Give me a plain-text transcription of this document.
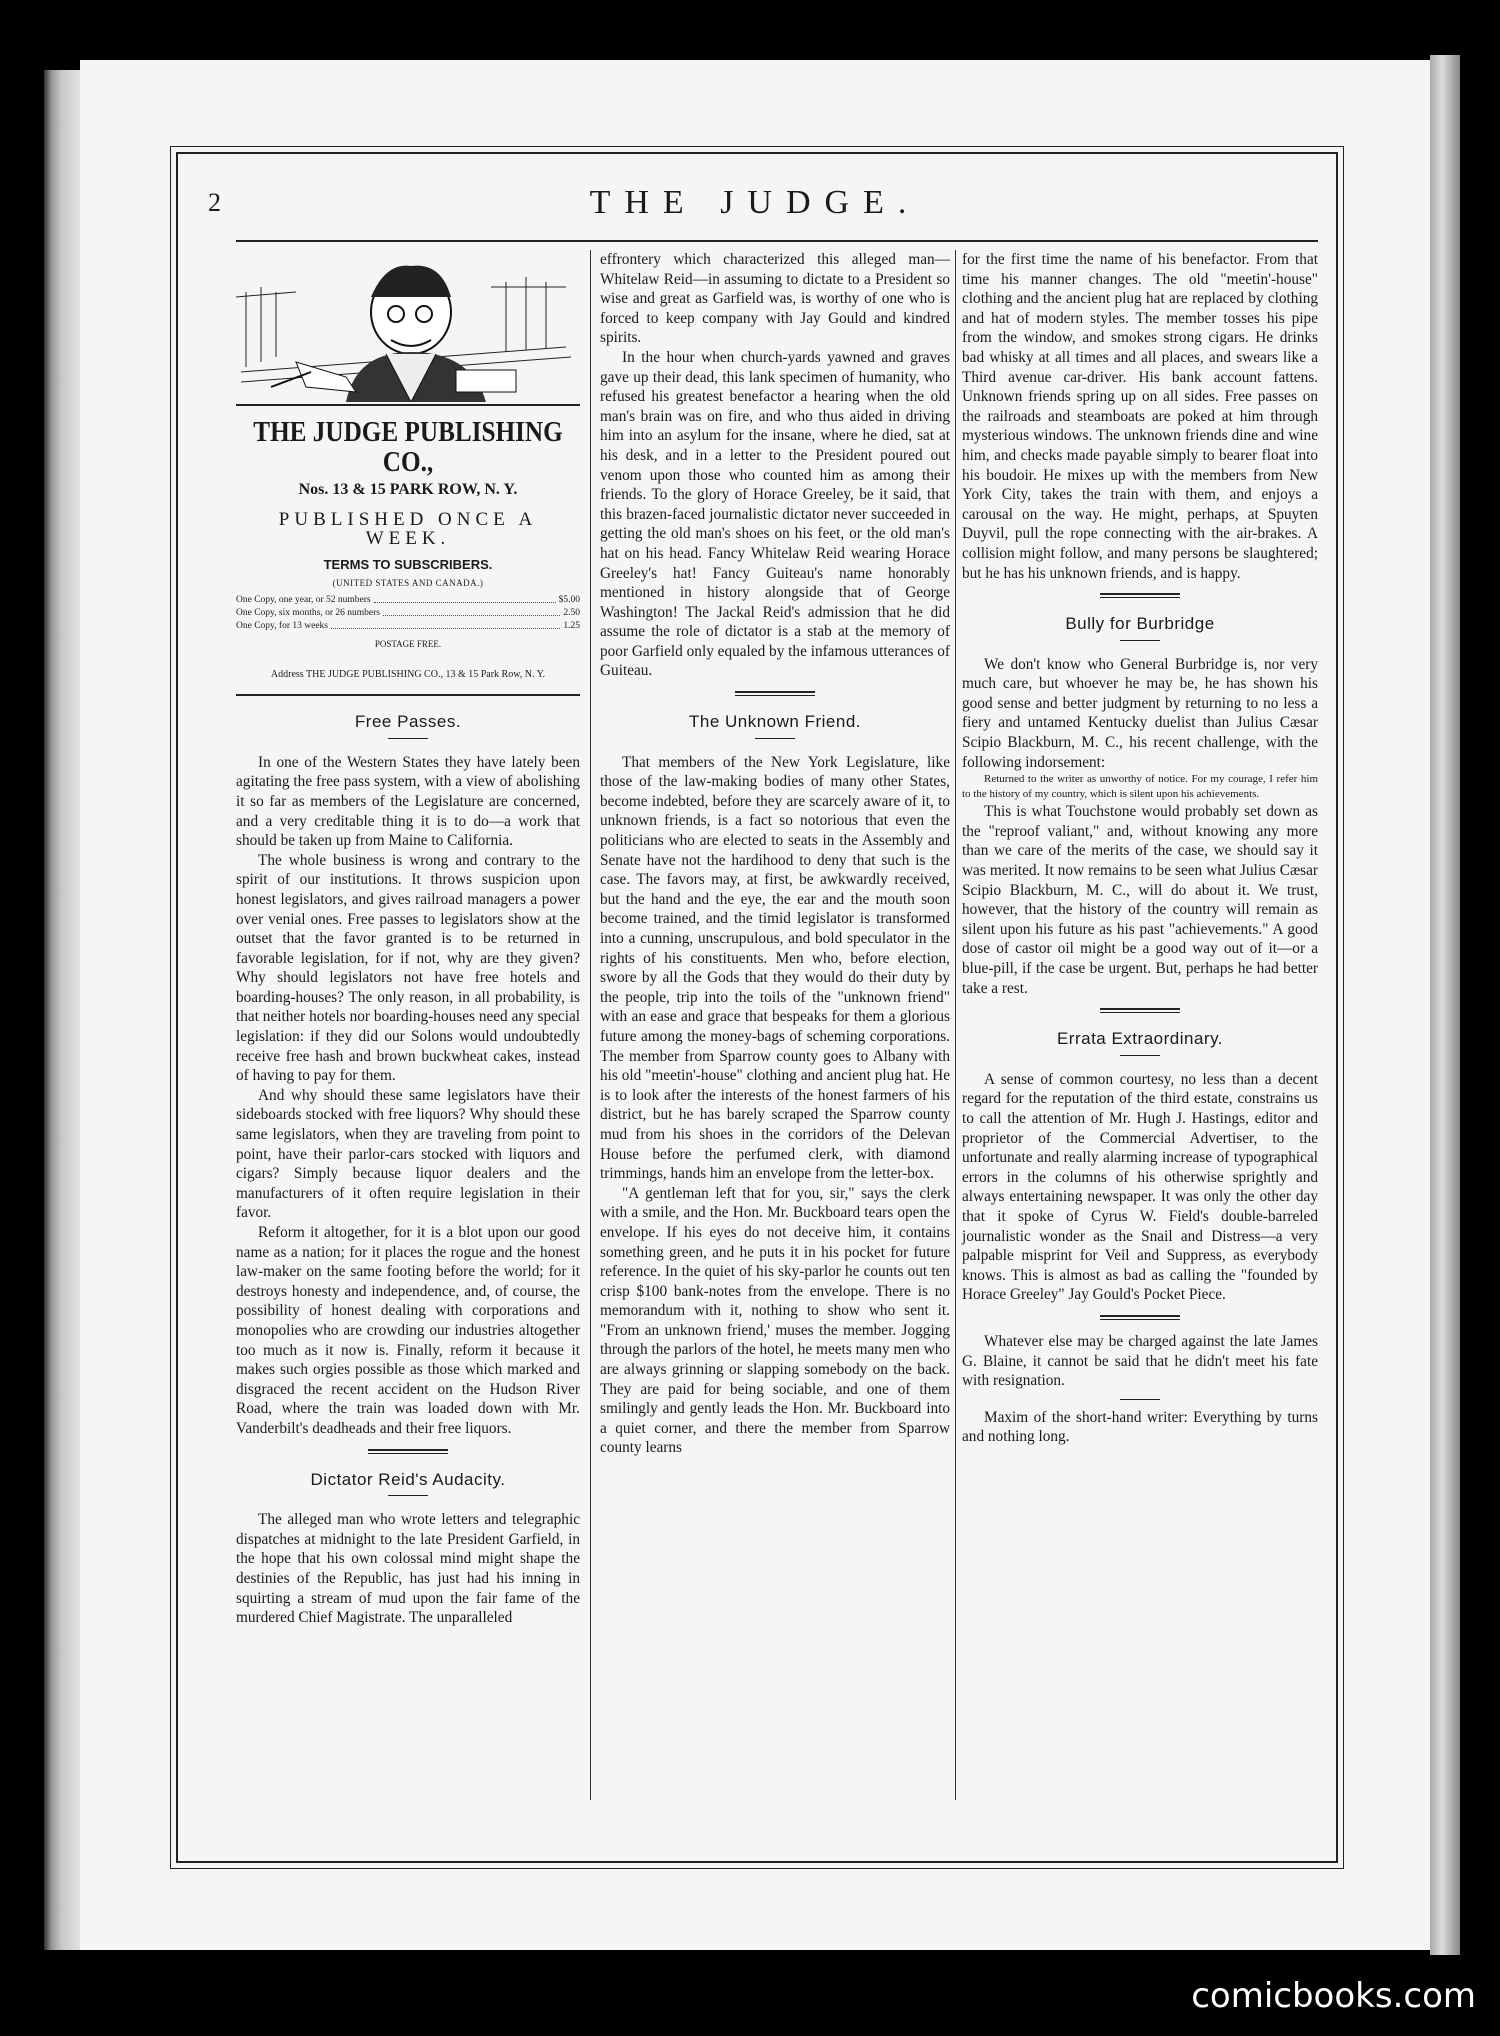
2	THE JUDGE.
THE JUDGE PUBLISHING CO.,
Nos. 13 & 15 PARK ROW, N. Y.
PUBLISHED ONCE A WEEK.
TERMS TO SUBSCRIBERS.
(UNITED STATES AND CANADA.)
One Copy, one year, or 52 numbers	$5.00
One Copy, six months, or 26 numbers	2.50
One Copy, for 13 weeks	1.25
POSTAGE FREE.
Address THE JUDGE PUBLISHING CO., 13 & 15 Park Row, N. Y.
Free Passes.

In one of the Western States they have lately been agitating the free pass system, with a view of abolishing it so far as members of the Legislature are concerned, and a very creditable thing it is to do—a work that should be taken up from Maine to California.

The whole business is wrong and contrary to the spirit of our institutions. It throws suspicion upon honest legislators, and gives railroad managers a power over venial ones. Free passes to legislators show at the outset that the favor granted is to be returned in favorable legislation, for if not, why are they given? Why should legislators not have free hotels and boarding-houses? The only reason, in all probability, is that neither hotels nor boarding-houses need any special legislation: if they did our Solons would undoubtedly receive free hash and brown buckwheat cakes, instead of having to pay for them.

And why should these same legislators have their sideboards stocked with free liquors? Why should these same legislators, when they are traveling from point to point, have their parlor-cars stocked with liquors and cigars? Simply because liquor dealers and the manufacturers of it often require legislation in their favor.

Reform it altogether, for it is a blot upon our good name as a nation; for it places the rogue and the honest law-maker on the same footing before the world; for it destroys honesty and independence, and, of course, the possibility of honest dealing with corporations and monopolies who are crowding our industries altogether too much as it now is. Finally, reform it because it makes such orgies possible as those which marked and disgraced the recent accident on the Hudson River Road, where the train was loaded down with Mr. Vanderbilt's deadheads and their free liquors.

Dictator Reid's Audacity.

The alleged man who wrote letters and telegraphic dispatches at midnight to the late President Garfield, in the hope that his own colossal mind might shape the destinies of the Republic, has just had his inning in squirting a stream of mud upon the fair fame of the murdered Chief Magistrate. The unparalleled

effrontery which characterized this alleged man—Whitelaw Reid—in assuming to dictate to a President so wise and great as Garfield was, is worthy of one who is forced to keep company with Jay Gould and kindred spirits.

In the hour when church-yards yawned and graves gave up their dead, this lank specimen of humanity, who refused his greatest benefactor a hearing when the old man's brain was on fire, and who thus aided in driving him into an asylum for the insane, where he died, sat at his desk, and in a letter to the President poured out venom upon those who counted him as among their friends. To the glory of Horace Greeley, be it said, that this brazen-faced journalistic dictator never succeeded in getting the old man's shoes on his feet, or the old man's hat on his head. Fancy Whitelaw Reid wearing Horace Greeley's hat! Fancy Guiteau's name honorably mentioned in history alongside that of George Washington! The Jackal Reid's admission that he did assume the role of dictator is a stab at the memory of poor Garfield only equaled by the infamous utterances of Guiteau.

The Unknown Friend.

That members of the New York Legislature, like those of the law-making bodies of many other States, become indebted, before they are scarcely aware of it, to unknown friends, is a fact so notorious that even the politicians who are elected to seats in the Assembly and Senate have not the hardihood to deny that such is the case. The favors may, at first, be awkwardly received, but the hand and the eye, the ear and the mouth soon become trained, and the timid legislator is transformed into a cunning, unscrupulous, and bold speculator in the rights of his constituents. Men who, before election, swore by all the Gods that they would do their duty by the people, trip into the toils of the "unknown friend" with an ease and grace that bespeaks for them a glorious future among the money-bags of scheming corporations. The member from Sparrow county goes to Albany with his old "meetin'-house" clothing and ancient plug hat. He is to look after the interests of the honest farmers of his district, but he has barely scraped the Sparrow county mud from his shoes in the corridors of the Delevan House before the perfumed clerk, with diamond trimmings, hands him an envelope from the letter-box.

"A gentleman left that for you, sir," says the clerk with a smile, and the Hon. Mr. Buckboard tears open the envelope. If his eyes do not deceive him, it contains something green, and he puts it in his pocket for future reference. In the quiet of his sky-parlor he counts out ten crisp $100 bank-notes from the envelope. There is no memorandum with it, nothing to show who sent it. "From an unknown friend,' muses the member. Jogging through the parlors of the hotel, he meets many men who are always grinning or slapping somebody on the back. They are paid for being sociable, and one of them smilingly and gently leads the Hon. Mr. Buckboard into a quiet corner, and there the member from Sparrow county learns

for the first time the name of his benefactor. From that time his manner changes. The old "meetin'-house" clothing and the ancient plug hat are replaced by clothing and hat of modern styles. The member tosses his pipe from the window, and smokes strong cigars. He drinks bad whisky at all times and all places, and swears like a Third avenue car-driver. His bank account fattens. Unknown friends spring up on all sides. Free passes on the railroads and steamboats are poked at him through mysterious windows. The unknown friends dine and wine him, and checks made payable simply to bearer float into his boudoir. He mixes up with the members from New York City, takes the train with them, and enjoys a carousal on the way. He might, perhaps, at Spuyten Duyvil, pull the rope connecting with the air-brakes. A collision might follow, and many persons be slaughtered; but he has his unknown friends, and is happy.

Bully for Burbridge

We don't know who General Burbridge is, nor very much care, but whoever he may be, he has shown his good sense and better judgment by returning to no less a fiery and untamed Kentucky duelist than Julius Cæsar Scipio Blackburn, M. C., his recent challenge, with the following indorsement:

Returned to the writer as unworthy of notice. For my courage, I refer him to the history of my country, which is silent upon his achievements.

This is what Touchstone would probably set down as the "reproof valiant," and, without knowing any more than we care of the merits of the case, we should say it was merited. It now remains to be seen what Julius Cæsar Scipio Blackburn, M. C., will do about it. We trust, however, that the history of the country will remain as silent upon his future as his past "achievements." A good dose of castor oil might be a good way out of it—or a blue-pill, if the case be urgent. But, perhaps he had better take a rest.

Errata Extraordinary.

A sense of common courtesy, no less than a decent regard for the reputation of the third estate, constrains us to call the attention of Mr. Hugh J. Hastings, editor and proprietor of the Commercial Advertiser, to the unfortunate and really alarming increase of typographical errors in the columns of his otherwise sprightly and always entertaining newspaper. It was only the other day that it spoke of Cyrus W. Field's double-barreled journalistic wonder as the Snail and Distress—a very palpable misprint for Veil and Suppress, as everybody knows. This is almost as bad as calling the "founded by Horace Greeley" Jay Gould's Pocket Piece.

Whatever else may be charged against the late James G. Blaine, it cannot be said that he didn't meet his fate with resignation.

Maxim of the short-hand writer: Everything by turns and nothing long.

comicbooks.com
